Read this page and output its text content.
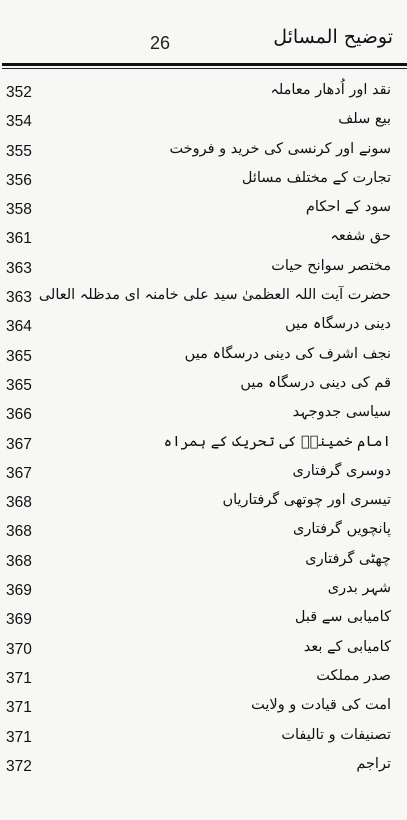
26	توضیح المسائل
352	نقد اور اُدھار معاملہ
354	بیع سلف
355	سونے اور کرنسی کی خرید و فروخت
356	تجارت کے مختلف مسائل
358	سود کے احکام
361	حق شفعہ
363	مختصر سوانح حیات
363 حضرت آیت اللہ العظمیٰ سید علی خامنہ ای مدظلہ العالی
364	دینی درسگاہ میں
365	نجف اشرف کی دینی درسگاہ میں
365	قم کی دینی درسگاہ میں
366	سیاسی جدوجہد
367	امام خمینیؒ کی تحریک کے ہمراہ
367	دوسری گرفتاری
368	تیسری اور چوتھی گرفتاریاں
368	پانچویں گرفتاری
368	چھٹی گرفتاری
369	شہر بدری
369	کامیابی سے قبل
370	کامیابی کے بعد
371	صدر مملکت
371	امت کی قیادت و ولایت
371	تصنیفات و تالیفات
372	تراجم
